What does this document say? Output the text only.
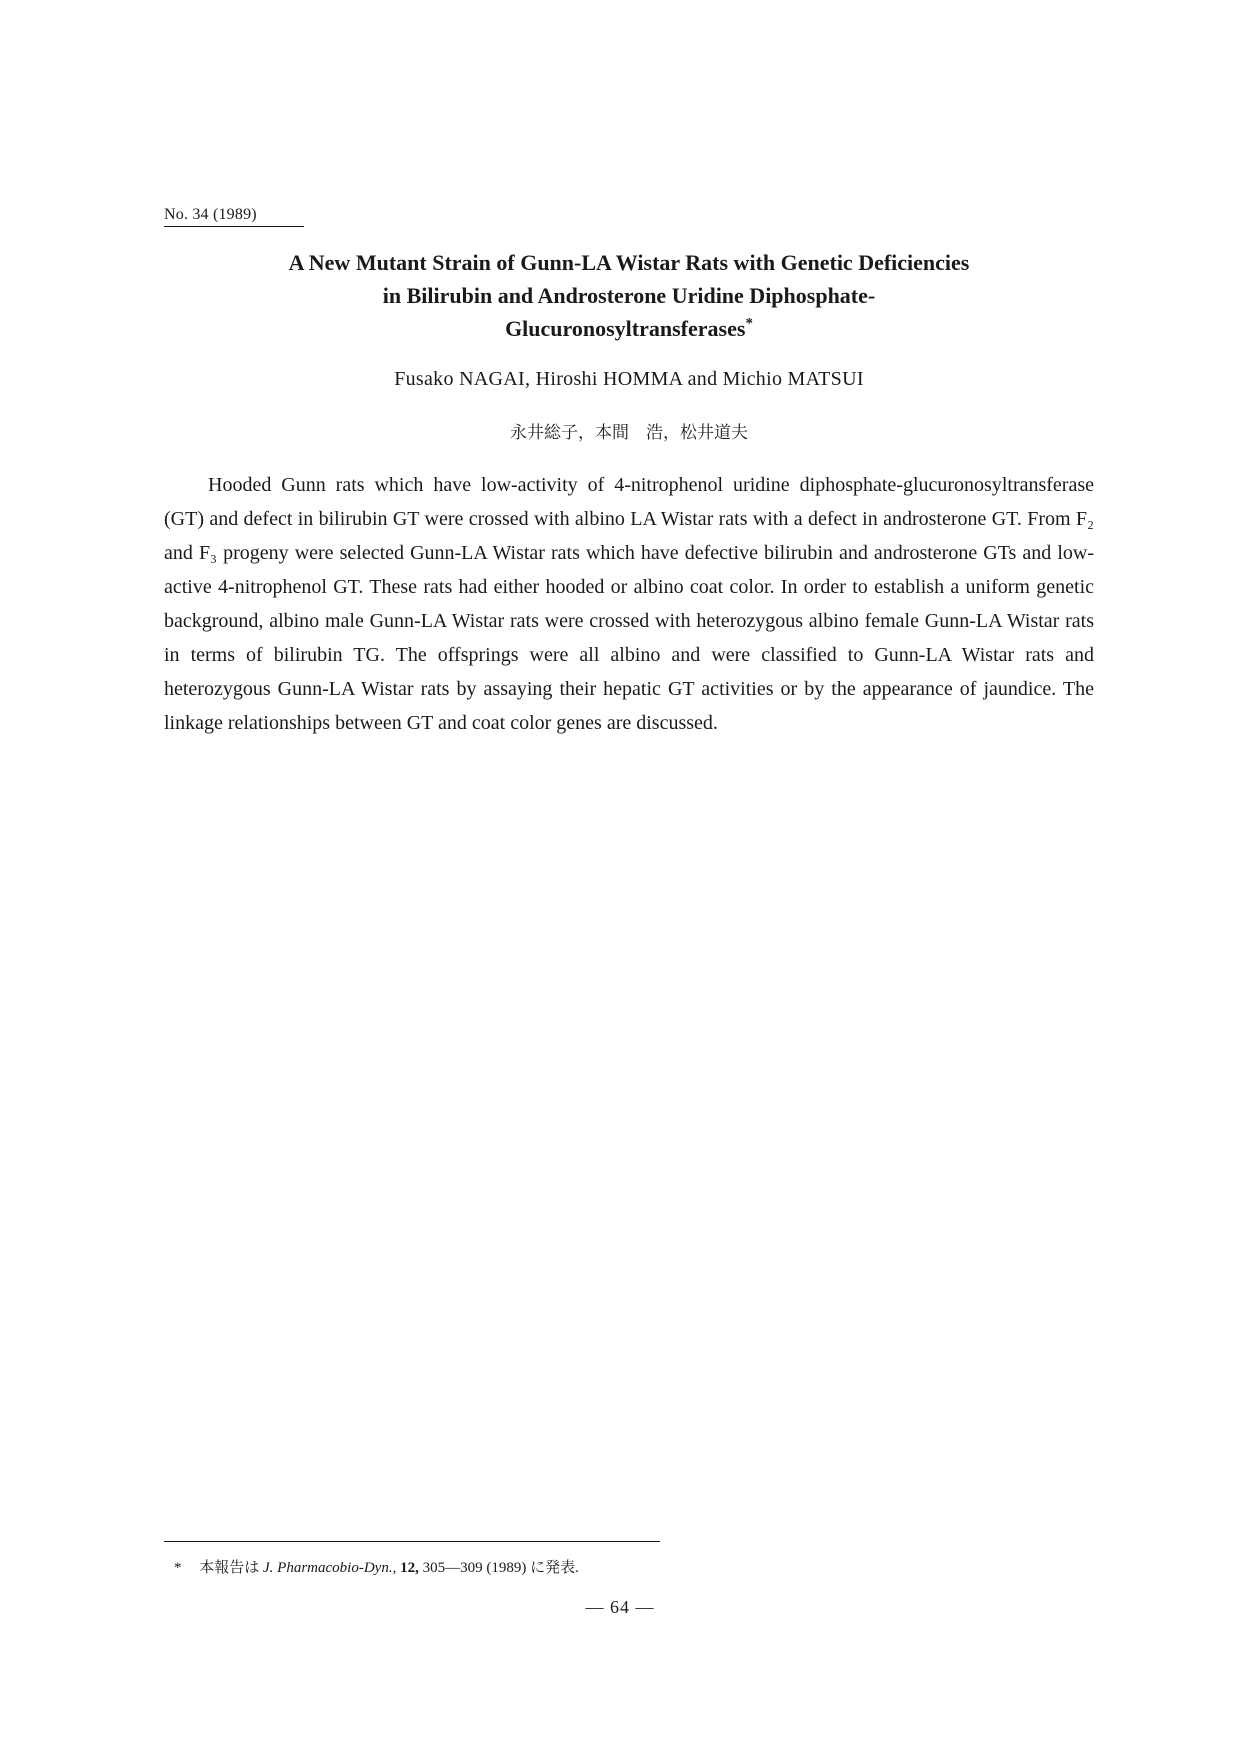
No. 34 (1989)
A New Mutant Strain of Gunn-LA Wistar Rats with Genetic Deficiencies
in Bilirubin and Androsterone Uridine Diphosphate-
Glucuronosyltransferases*
Fusako NAGAI, Hiroshi HOMMA and Michio MATSUI
永井総子，本間　浩，松井道夫

Hooded Gunn rats which have low-activity of 4-nitrophenol uridine diphosphate-glucuronosyltransferase (GT) and defect in bilirubin GT were crossed with albino LA Wistar rats with a defect in androsterone GT. From F₂ and F₃ progeny were selected Gunn-LA Wistar rats which have defective bilirubin and androsterone GTs and low-active 4-nitrophenol GT. These rats had either hooded or albino coat color. In order to establish a uniform genetic background, albino male Gunn-LA Wistar rats were crossed with heterozygous albino female Gunn-LA Wistar rats in terms of bilirubin TG. The offsprings were all albino and were classified to Gunn-LA Wistar rats and heterozygous Gunn-LA Wistar rats by assaying their hepatic GT activities or by the appearance of jaundice. The linkage relationships between GT and coat color genes are discussed.

* 本報告は J. Pharmacobio-Dyn., 12, 305—309 (1989) に発表.
— 64 —
